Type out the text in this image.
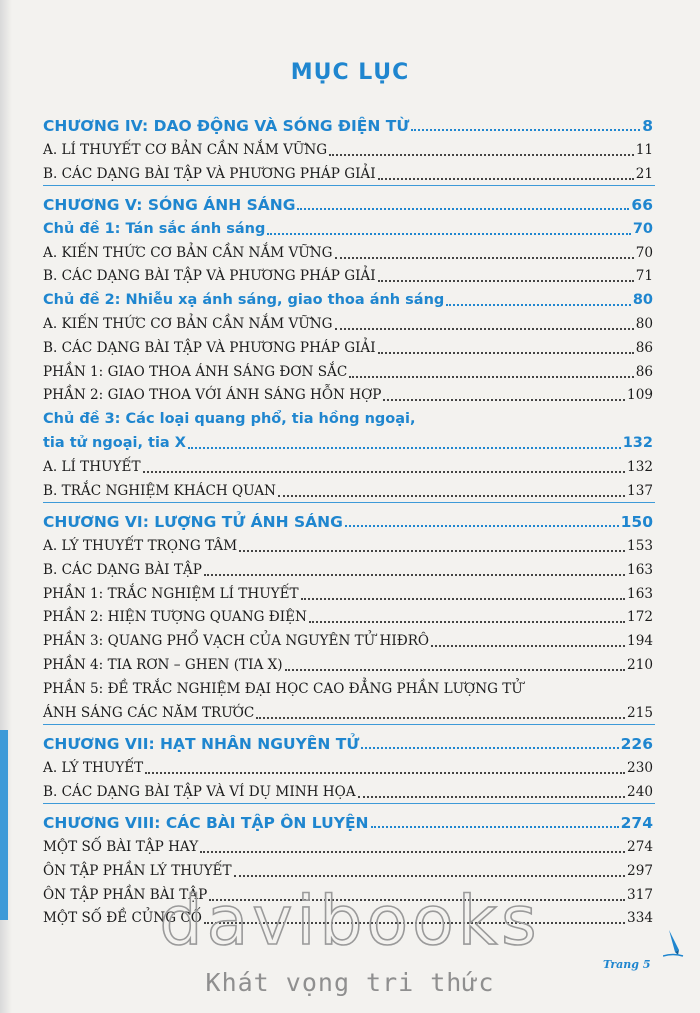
MỤC LỤC
CHƯƠNG IV: DAO ĐỘNG VÀ SÓNG ĐIỆN TỪ	8
A. LÍ THUYẾT CƠ BẢN CẦN NẮM VỮNG	11
B. CÁC DẠNG BÀI TẬP VÀ PHƯƠNG PHÁP GIẢI	21
CHƯƠNG V: SÓNG ÁNH SÁNG	66
Chủ đề 1: Tán sắc ánh sáng	70
A. KIẾN THỨC CƠ BẢN CẦN NẮM VỮNG	70
B. CÁC DẠNG BÀI TẬP VÀ PHƯƠNG PHÁP GIẢI	71
Chủ đề 2: Nhiễu xạ ánh sáng, giao thoa ánh sáng	80
A. KIẾN THỨC CƠ BẢN CẦN NẮM VỮNG	80
B. CÁC DẠNG BÀI TẬP VÀ PHƯƠNG PHÁP GIẢI	86
PHẦN 1: GIAO THOA ÁNH SÁNG ĐƠN SẮC	86
PHẦN 2: GIAO THOA VỚI ÁNH SÁNG HỖN HỢP	109
Chủ đề 3: Các loại quang phổ, tia hồng ngoại,
tia tử ngoại, tia X	132
A. LÍ THUYẾT	132
B. TRẮC NGHIỆM KHÁCH QUAN	137
CHƯƠNG VI: LƯỢNG TỬ ÁNH SÁNG	150
A. LÝ THUYẾT TRỌNG TÂM	153
B. CÁC DẠNG BÀI TẬP	163
PHẦN 1: TRẮC NGHIỆM LÍ THUYẾT	163
PHẦN 2: HIỆN TƯỢNG QUANG ĐIỆN	172
PHẦN 3: QUANG PHỔ VẠCH CỦA NGUYÊN TỬ HIĐRÔ	194
PHẦN 4: TIA RƠN – GHEN (TIA X)	210
PHẦN 5: ĐỀ TRẮC NGHIỆM ĐẠI HỌC CAO ĐẲNG PHẦN LƯỢNG TỬ
ÁNH SÁNG CÁC NĂM TRƯỚC	215
CHƯƠNG VII: HẠT NHÂN NGUYÊN TỬ	226
A. LÝ THUYẾT	230
B. CÁC DẠNG BÀI TẬP VÀ VÍ DỤ MINH HỌA	240
CHƯƠNG VIII: CÁC BÀI TẬP ÔN LUYỆN	274
MỘT SỐ BÀI TẬP HAY	274
ÔN TẬP PHẦN LÝ THUYẾT	297
ÔN TẬP PHẦN BÀI TẬP	317
MỘT SỐ ĐỀ CỦNG CỐ	334
davibooks
Khát vọng tri thức
Trang 5
